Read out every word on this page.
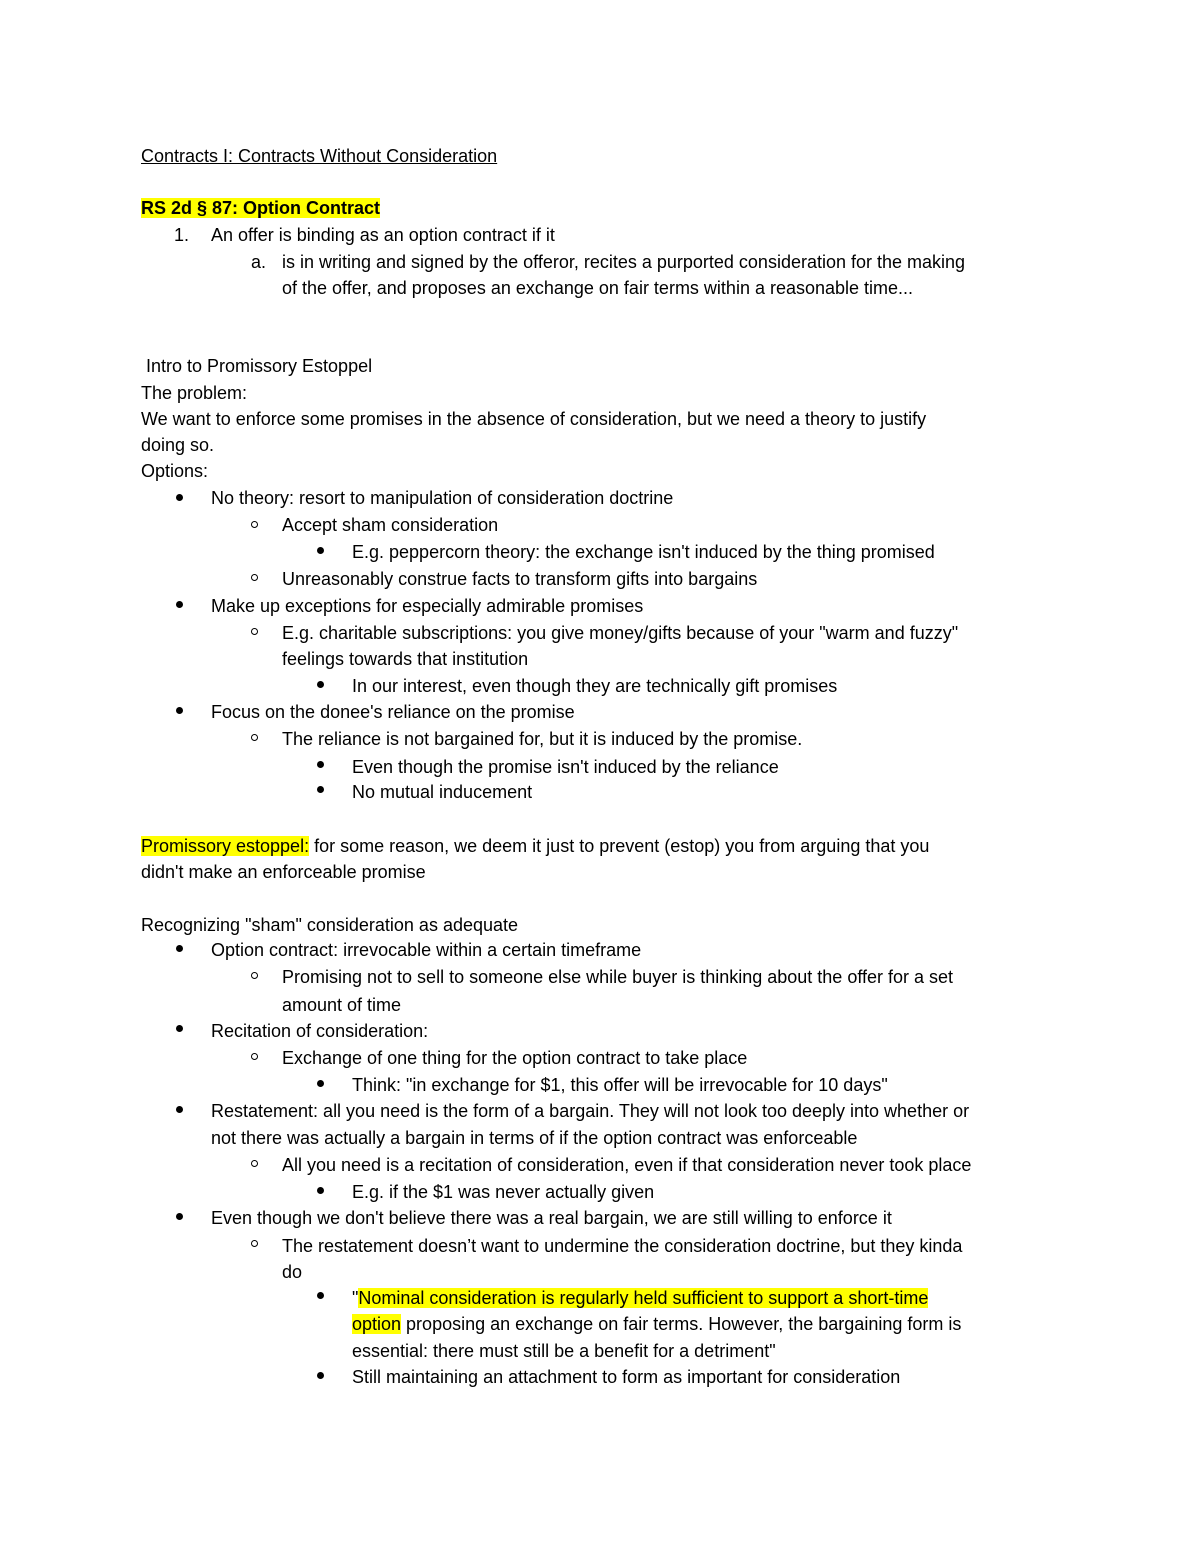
Contracts I: Contracts Without Consideration
RS 2d § 87: Option Contract
1. An offer is binding as an option contract if it
a. is in writing and signed by the offeror, recites a purported consideration for the making
of the offer, and proposes an exchange on fair terms within a reasonable time...
Intro to Promissory Estoppel
The problem:
We want to enforce some promises in the absence of consideration, but we need a theory to justify
doing so.
Options:
No theory: resort to manipulation of consideration doctrine
Accept sham consideration
E.g. peppercorn theory: the exchange isn't induced by the thing promised
Unreasonably construe facts to transform gifts into bargains
Make up exceptions for especially admirable promises
E.g. charitable subscriptions: you give money/gifts because of your "warm and fuzzy"
feelings towards that institution
In our interest, even though they are technically gift promises
Focus on the donee's reliance on the promise
The reliance is not bargained for, but it is induced by the promise.
Even though the promise isn't induced by the reliance
No mutual inducement
Promissory estoppel: for some reason, we deem it just to prevent (estop) you from arguing that you
didn't make an enforceable promise
Recognizing "sham" consideration as adequate
Option contract: irrevocable within a certain timeframe
Promising not to sell to someone else while buyer is thinking about the offer for a set
amount of time
Recitation of consideration:
Exchange of one thing for the option contract to take place
Think: "in exchange for $1, this offer will be irrevocable for 10 days"
Restatement: all you need is the form of a bargain. They will not look too deeply into whether or
not there was actually a bargain in terms of if the option contract was enforceable
All you need is a recitation of consideration, even if that consideration never took place
E.g. if the $1 was never actually given
Even though we don't believe there was a real bargain, we are still willing to enforce it
The restatement doesn’t want to undermine the consideration doctrine, but they kinda
do
"Nominal consideration is regularly held sufficient to support a short-time
option proposing an exchange on fair terms. However, the bargaining form is
essential: there must still be a benefit for a detriment"
Still maintaining an attachment to form as important for consideration
